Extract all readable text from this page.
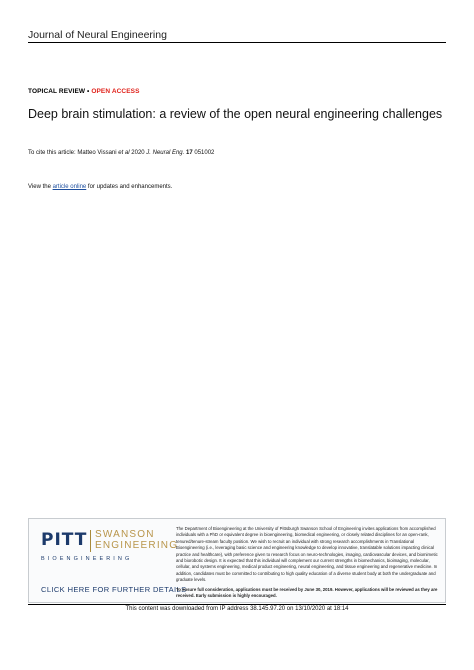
Journal of Neural Engineering
TOPICAL REVIEW • OPEN ACCESS
Deep brain stimulation: a review of the open neural engineering challenges
To cite this article: Matteo Vissani et al 2020 J. Neural Eng. 17 051002
View the article online for updates and enhancements.
PITT SWANSON
ENGINEERING
BIOENGINEERING
CLICK HERE FOR FURTHER DETAILS
The Department of Bioengineering at the University of Pittsburgh Swanson School of Engineering invites applications from accomplished individuals with a PhD or equivalent degree in bioengineering, biomedical engineering, or closely related disciplines for an open-rank, tenured/tenure-stream faculty position. We wish to recruit an individual with strong research accomplishments in Translational Bioengineering (i.e., leveraging basic science and engineering knowledge to develop innovative, translatable solutions impacting clinical practice and healthcare), with preference given to research focus on neuro-technologies, imaging, cardiovascular devices, and biomimetic and biorobotic design. It is expected that this individual will complement our current strengths in biomechanics, bioimaging, molecular, cellular, and systems engineering, medical product engineering, neural engineering, and tissue engineering and regenerative medicine. In addition, candidates must be committed to contributing to high quality education of a diverse student body at both the undergraduate and graduate levels.
To ensure full consideration, applications must be received by June 30, 2019. However, applications will be reviewed as they are received. Early submission is highly encouraged.
This content was downloaded from IP address 38.145.97.20 on 13/10/2020 at 18:14
